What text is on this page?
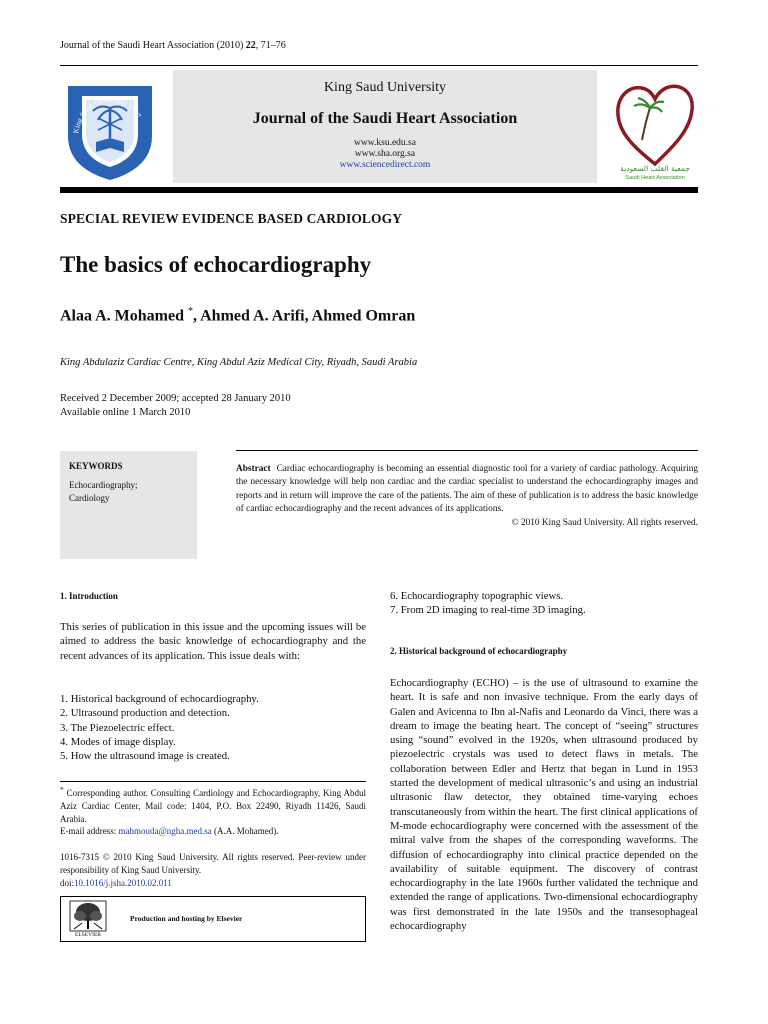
Journal of the Saudi Heart Association (2010) 22, 71–76
King Saud University 1957
King Saud University
Journal of the Saudi Heart Association
www.ksu.edu.sa
www.sha.org.sa
www.sciencedirect.com	جمعية القلب السعودية
Saudi Heart Association
SPECIAL REVIEW EVIDENCE BASED CARDIOLOGY
The basics of echocardiography
Alaa A. Mohamed *, Ahmed A. Arifi, Ahmed Omran
King Abdulaziz Cardiac Centre, King Abdul Aziz Medical City, Riyadh, Saudi Arabia
Received 2 December 2009; accepted 28 January 2010
Available online 1 March 2010
KEYWORDS
Echocardiography;
Cardiology
Abstract Cardiac echocardiography is becoming an essential diagnostic tool for a variety of cardiac pathology. Acquiring the necessary knowledge will help non cardiac and the cardiac specialist to understand the echocardiography images and reports and in return will improve the care of the patients. The aim of these of publication is to address the basic knowledge of cardiac echocardiography and the recent advances of its applications.
© 2010 King Saud University. All rights reserved.
1. Introduction
This series of publication in this issue and the upcoming issues will be aimed to address the basic knowledge of echocardiography and the recent advances of its application. This issue deals with:
1. Historical background of echocardiography.
2. Ultrasound production and detection.
3. The Piezoelectric effect.
4. Modes of image display.
5. How the ultrasound image is created.
* Corresponding author. Consulting Cardiology and Echocardiography, King Abdul Aziz Cardiac Center, Mail code: 1404, P.O. Box 22490, Riyadh 11426, Saudi Arabia.
E-mail address: mahmouda@ngha.med.sa (A.A. Mohamed).
1016-7315 © 2010 King Saud University. All rights reserved. Peer-review under responsibility of King Saud University.
doi:10.1016/j.jsha.2010.02.011
ELSEVIER
Production and hosting by Elsevier
6. Echocardiography topographic views.
7. From 2D imaging to real-time 3D imaging.
2. Historical background of echocardiography
Echocardiography (ECHO) – is the use of ultrasound to examine the heart. It is safe and non invasive technique. From the early days of Galen and Avicenna to Ibn al-Nafis and Leonardo da Vinci, there was a dream to image the beating heart. The concept of “seeing” structures using “sound” evolved in the 1920s, when ultrasound produced by piezoelectric crystals was used to detect flaws in metals. The collaboration between Edler and Hertz that began in Lund in 1953 started the development of medical ultrasonic’s and using an industrial ultrasonic flaw detector, they obtained time-varying echoes transcutaneously from within the heart. The first clinical applications of M-mode echocardiography were concerned with the assessment of the mitral valve from the shapes of the corresponding waveforms. The diffusion of echocardiography into clinical practice depended on the availability of suitable equipment. The discovery of contrast echocardiography in the late 1960s further validated the technique and extended the range of applications. Two-dimensional echocardiography was first demonstrated in the late 1950s and the transesophageal echocardiography
